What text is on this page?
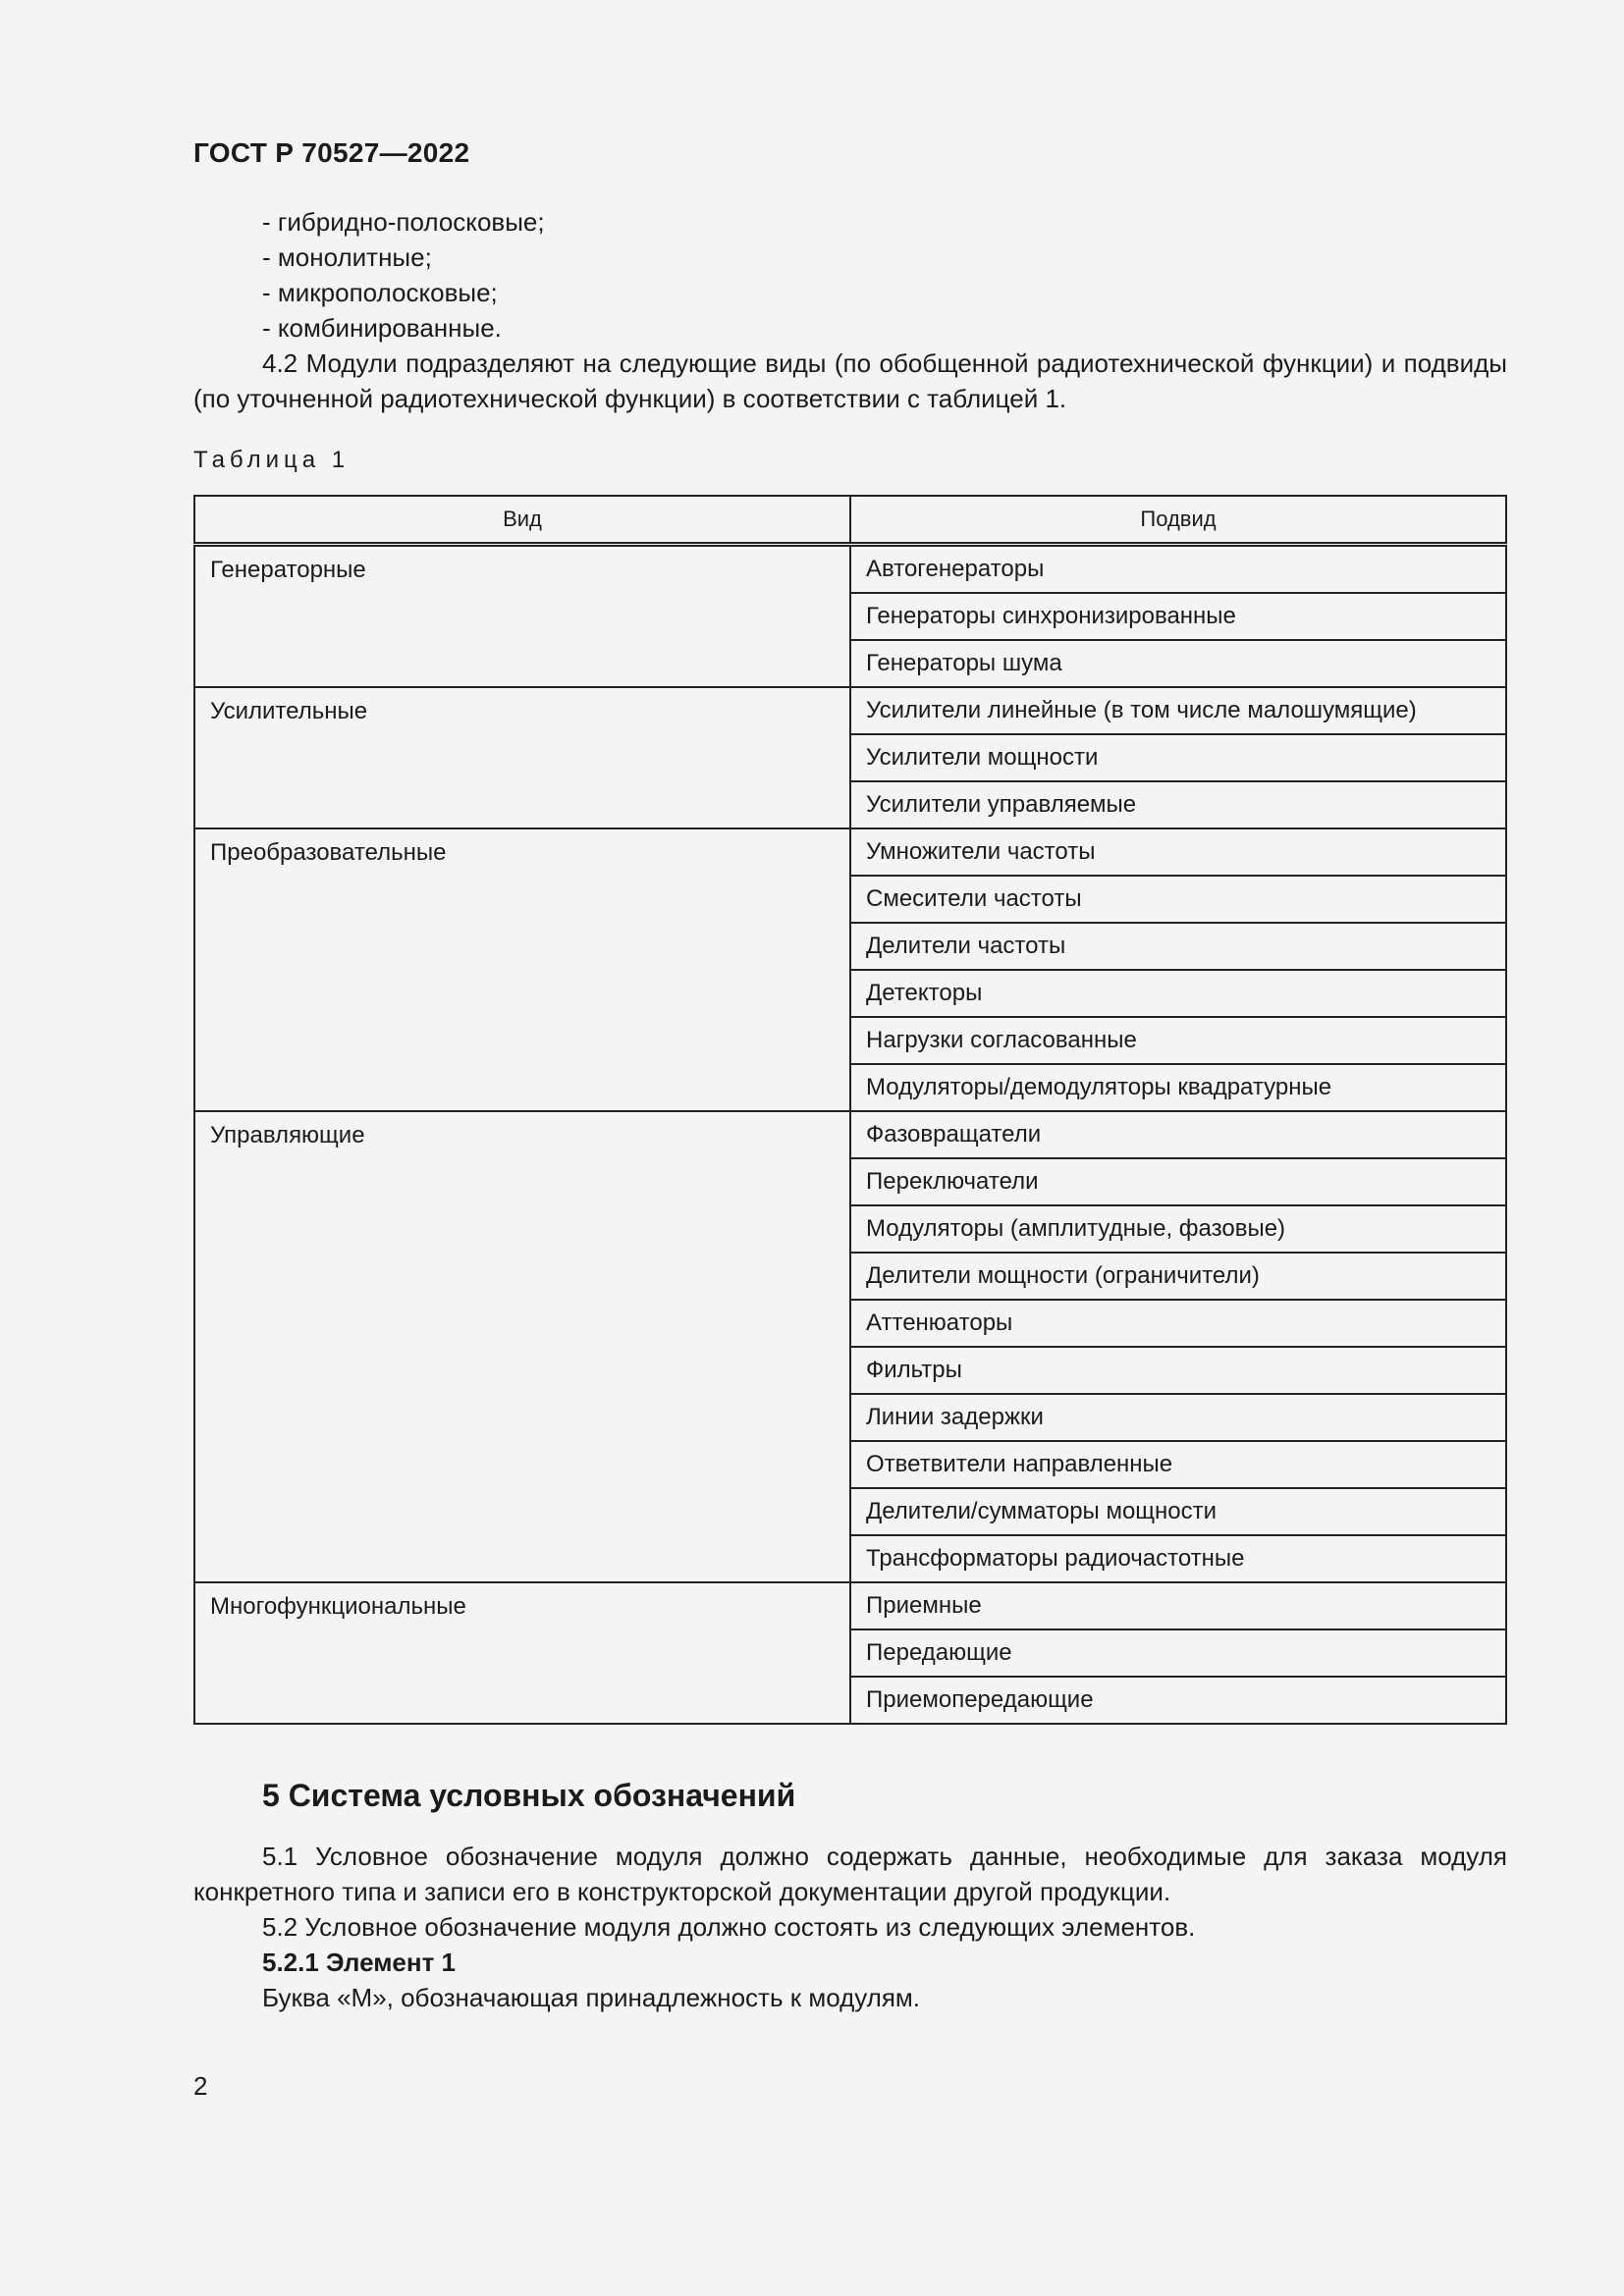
ГОСТ Р 70527—2022
- гибридно-полосковые;
- монолитные;
- микрополосковые;
- комбинированные.
4.2 Модули подразделяют на следующие виды (по обобщенной радиотехнической функции) и подвиды (по уточненной радиотехнической функции) в соответствии с таблицей 1.
Таблица 1
Вид	Подвид
Генераторные	Автогенераторы
	Генераторы синхронизированные
	Генераторы шума
Усилительные	Усилители линейные (в том числе малошумящие)
	Усилители мощности
	Усилители управляемые
Преобразовательные	Умножители частоты
	Смесители частоты
	Делители частоты
	Детекторы
	Нагрузки согласованные
	Модуляторы/демодуляторы квадратурные
Управляющие	Фазовращатели
	Переключатели
	Модуляторы (амплитудные, фазовые)
	Делители мощности (ограничители)
	Аттенюаторы
	Фильтры
	Линии задержки
	Ответвители направленные
	Делители/сумматоры мощности
	Трансформаторы радиочастотные
Многофункциональные	Приемные
	Передающие
	Приемопередающие
5 Система условных обозначений
5.1 Условное обозначение модуля должно содержать данные, необходимые для заказа модуля конкретного типа и записи его в конструкторской документации другой продукции.
5.2 Условное обозначение модуля должно состоять из следующих элементов.
5.2.1 Элемент 1
Буква «М», обозначающая принадлежность к модулям.
2
